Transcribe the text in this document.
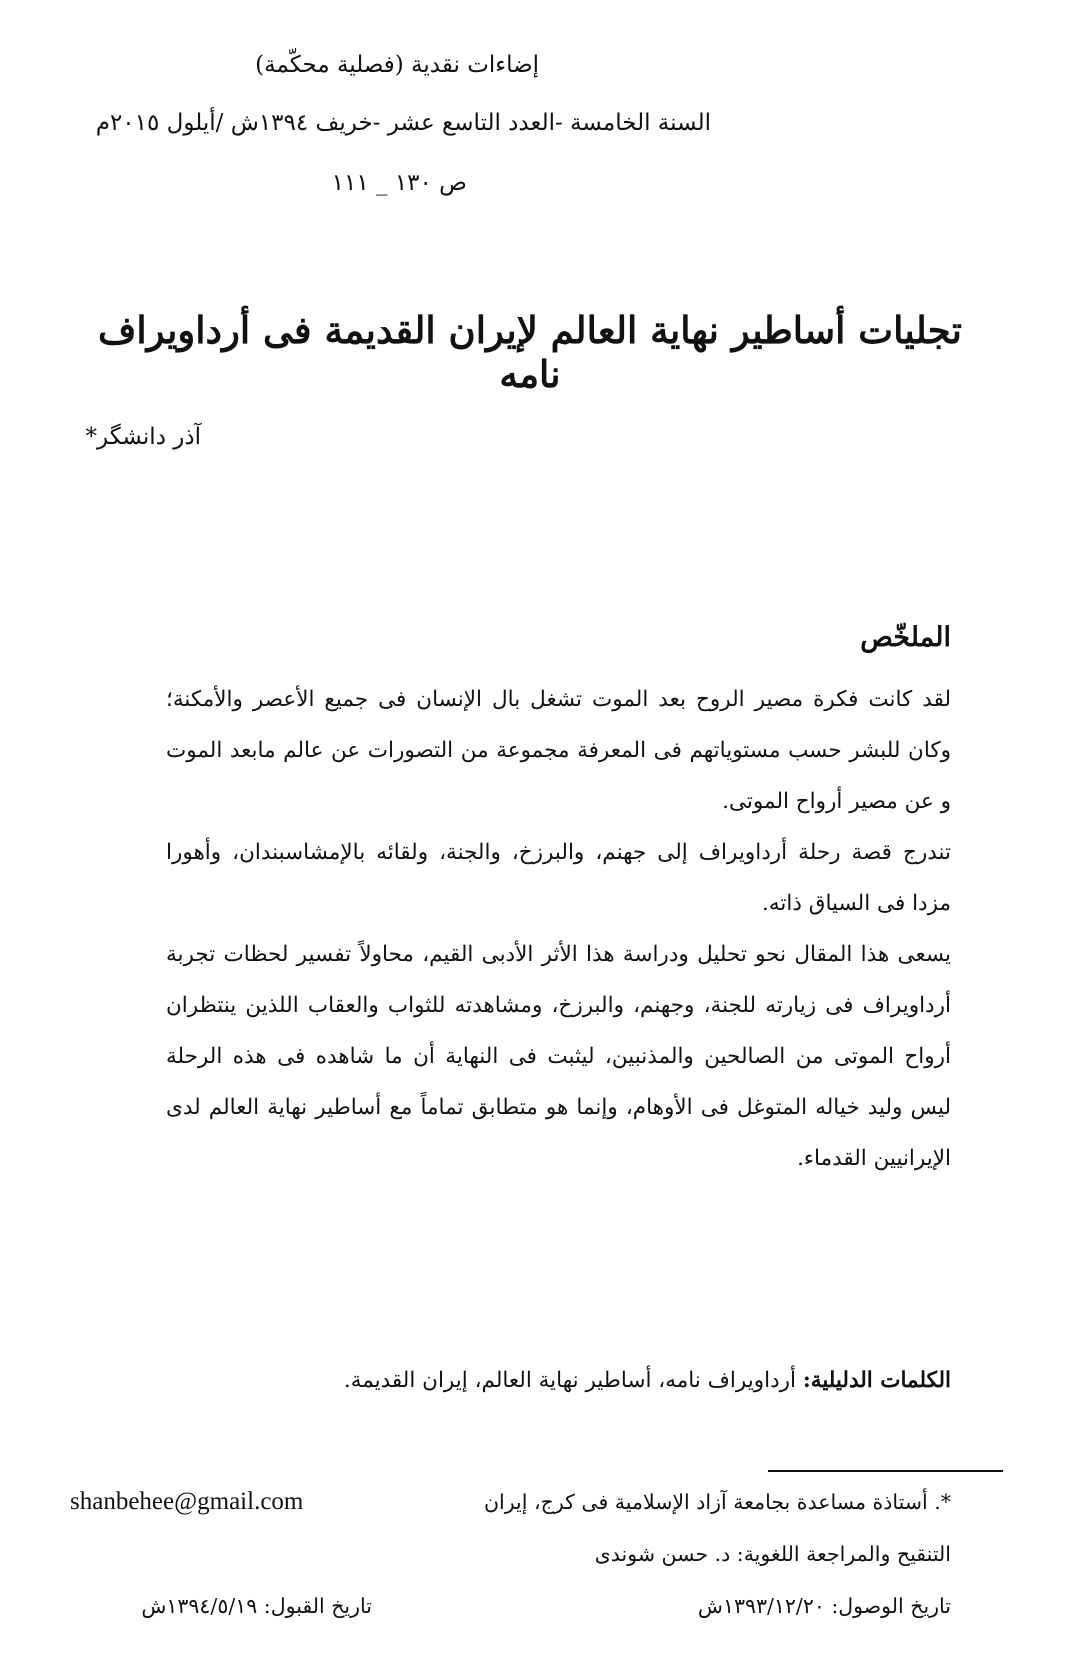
إضاءات نقدية (فصلية محكّمة)
السنة الخامسة -العدد التاسع عشر -خريف ١٣٩٤ش /أيلول ٢٠١٥م
ص ١٣٠ _ ١١١
تجليات أساطير نهاية العالم لإيران القديمة فی أرداويراف نامه
آذر دانشگر*
الملخّص

لقد كانت فكرة مصير الروح بعد الموت تشغل بال الإنسان فی جميع الأعصر والأمكنة؛ وكان للبشر حسب مستوياتهم فی المعرفة مجموعة من التصورات عن عالم مابعد الموت و عن مصير أرواح الموتی.

تندرج قصة رحلة أرداويراف إلی جهنم، والبرزخ، والجنة، ولقائه بالإمشاسبندان، وأهورا مزدا فی السياق ذاته.

يسعى هذا المقال نحو تحليل ودراسة هذا الأثر الأدبی القيم، محاولاً تفسير لحظات تجربة أرداويراف فی زيارته للجنة، وجهنم، والبرزخ، ومشاهدته للثواب والعقاب اللذين ينتظران أرواح الموتی من الصالحين والمذنبين، ليثبت فی النهاية أن ما شاهده فی هذه الرحلة ليس وليد خياله المتوغل فی الأوهام، وإنما هو متطابق تماماً مع أساطير نهاية العالم لدى الإيرانيين القدماء.

الكلمات الدليلية: أرداويراف نامه، أساطير نهاية العالم، إيران القديمة.
*. أستاذة مساعدة بجامعة آزاد الإسلامية فی كرج، إيران
التنقيح والمراجعة اللغوية: د. حسن شوندی
تاريخ الوصول: ١٣٩٣/١٢/٢٠ش
تاريخ القبول: ١٣٩٤/٥/١٩ش
shanbehee@gmail.com
